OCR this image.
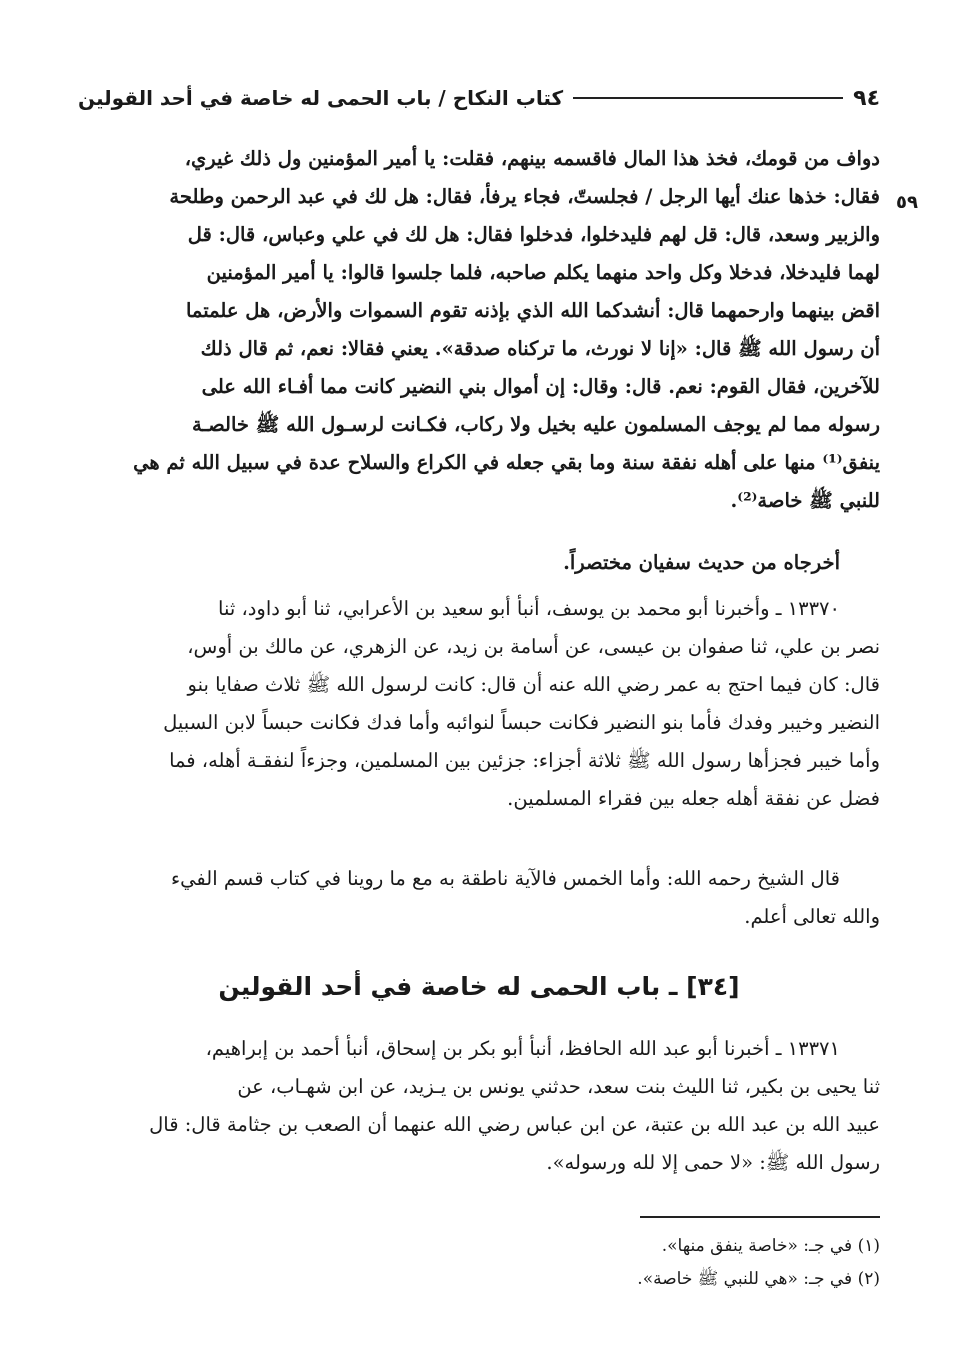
٩٤
كتاب النكاح / باب الحمى له خاصة في أحد القولين
٥٩
دواف من قومك، فخذ هذا المال فاقسمه بينهم، فقلت: يا أمير المؤمنين ول ذلك غيري،
فقال: خذها عنك أيها الرجل / فجلستّ، فجاء يرفأ، فقال: هل لك في عبد الرحمن وطلحة
والزبير وسعد، قال: قل لهم فليدخلوا، فدخلوا فقال: هل لك في علي وعباس، قال: قل
لهما فليدخلا، فدخلا وكل واحد منهما يكلم صاحبه، فلما جلسوا قالوا: يا أمير المؤمنين
اقض بينهما وارحمهما قال: أنشدكما الله الذي بإذنه تقوم السموات والأرض، هل علمتما
أن رسول الله ﷺ قال: «إنا لا نورث، ما تركناه صدقة». يعني فقالا: نعم، ثم قال ذلك
للآخرين، فقال القوم: نعم. قال: وقال: إن أموال بني النضير كانت مما أفـاء الله على
رسوله مما لم يوجف المسلمون عليه بخيل ولا ركاب، فكـانت لرسـول الله ﷺ خالصـة
ينفق⁽¹⁾ منها على أهله نفقة سنة وما بقي جعله في الكراع والسلاح عدة في سبيل الله ثم هي
للنبي ﷺ خاصة⁽²⁾.
أخرجاه من حديث سفيان مختصراً.
١٣٣٧٠ ـ وأخبرنا أبو محمد بن يوسف، أنبأ أبو سعيد بن الأعرابي، ثنا أبو داود، ثنا
نصر بن علي، ثنا صفوان بن عيسى، عن أسامة بن زيد، عن الزهري، عن مالك بن أوس،
قال: كان فيما احتج به عمر رضي الله عنه أن قال: كانت لرسول الله ﷺ ثلاث صفايا بنو
النضير وخيبر وفدك فأما بنو النضير فكانت حبساً لنوائبه وأما فدك فكانت حبساً لابن السبيل
وأما خيبر فجزأها رسول الله ﷺ ثلاثة أجزاء: جزئين بين المسلمين، وجزءاً لنفقـة أهله، فما
فضل عن نفقة أهله جعله بين فقراء المسلمين.
قال الشيخ رحمه الله: وأما الخمس فالآية ناطقة به مع ما روينا في كتاب قسم الفيء
والله تعالى أعلم.
[٣٤] ـ باب الحمى له خاصة في أحد القولين
١٣٣٧١ ـ أخبرنا أبو عبد الله الحافظ، أنبأ أبو بكر بن إسحاق، أنبأ أحمد بن إبراهيم،
ثنا يحيى بن بكير، ثنا الليث بنت سعد، حدثني يونس بن يـزيد، عن ابن شهـاب، عن
عبيد الله بن عبد الله بن عتبة، عن ابن عباس رضي الله عنهما أن الصعب بن جثامة قال: قال
رسول الله ﷺ: «لا حمى إلا لله ورسوله».
(١) في جـ: «خاصة ينفق منها».
(٢) في جـ: «هي للنبي ﷺ خاصة».
